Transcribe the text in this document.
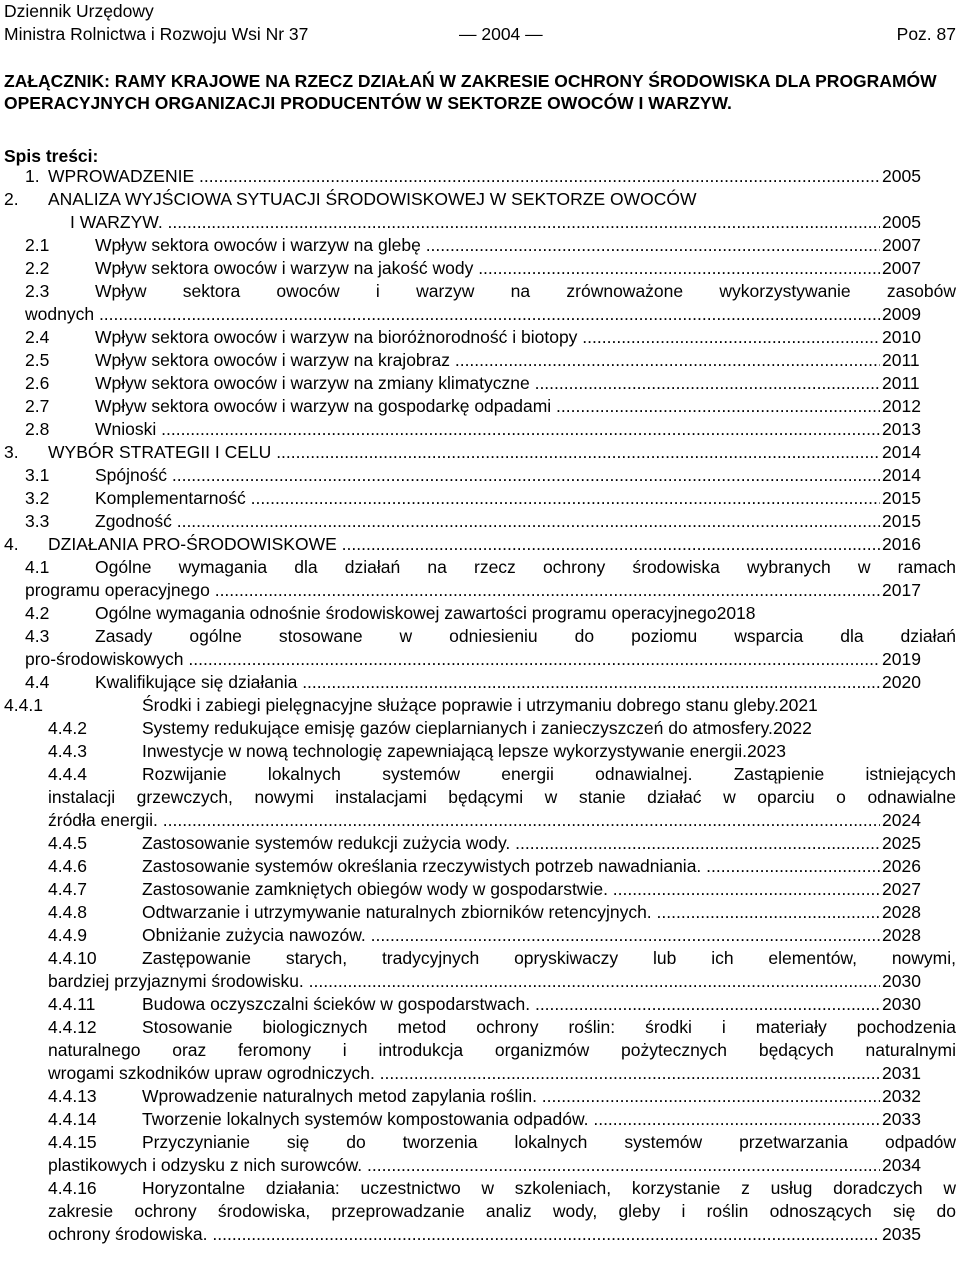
Dziennik Urzędowy
Ministra Rolnictwa i Rozwoju Wsi Nr 37	— 2004 —	Poz. 87
ZAŁĄCZNIK: RAMY KRAJOWE NA RZECZ DZIAŁAŃ W ZAKRESIE OCHRONY ŚRODOWISKA DLA PROGRAMÓW OPERACYJNYCH ORGANIZACJI PRODUCENTÓW W SEKTORZE OWOCÓW I WARZYW.
Spis treści:
1. WPROWADZENIE .....	2005
2. ANALIZA WYJŚCIOWA SYTUACJI ŚRODOWISKOWEJ W SEKTORZE OWOCÓW
I WARZYW. .....	2005
2.1	Wpływ sektora owoców i warzyw na glebę .....	2007
2.2	Wpływ sektora owoców i warzyw na jakość wody .....	2007
2.3	Wpływ sektora owoców i warzyw na zrównoważone wykorzystywanie zasobów
wodnych .....	2009
2.4	Wpływ sektora owoców i warzyw na bioróżnorodność i biotopy .....	2010
2.5	Wpływ sektora owoców i warzyw na krajobraz .....	2011
2.6	Wpływ sektora owoców i warzyw na zmiany klimatyczne .....	2011
2.7	Wpływ sektora owoców i warzyw na gospodarkę odpadami .....	2012
2.8	Wnioski .....	2013
3. WYBÓR STRATEGII I CELU .....	2014
3.1	Spójność .....	2014
3.2	Komplementarność .....	2015
3.3	Zgodność .....	2015
4. DZIAŁANIA PRO-ŚRODOWISKOWE .....	2016
4.1	Ogólne wymagania dla działań na rzecz ochrony środowiska wybranych w ramach
programu operacyjnego .....	2017
4.2	Ogólne wymagania odnośnie środowiskowej zawartości programu operacyjnego2018
4.3	Zasady ogólne stosowane w odniesieniu do poziomu wsparcia dla działań
pro-środowiskowych .....	2019
4.4	Kwalifikujące się działania .....	2020
4.4.1	Środki i zabiegi pielęgnacyjne służące poprawie i utrzymaniu dobrego stanu gleby.2021
4.4.2	Systemy redukujące emisję gazów cieplarnianych i zanieczyszczeń do atmosfery.2022
4.4.3	Inwestycje w nową technologię zapewniającą lepsze wykorzystywanie energii.2023
4.4.4	Rozwijanie lokalnych systemów energii odnawialnej. Zastąpienie istniejących
instalacji grzewczych, nowymi instalacjami będącymi w stanie działać w oparciu o odnawialne
źródła energii. .....	2024
4.4.5	Zastosowanie systemów redukcji zużycia wody. .....	2025
4.4.6	Zastosowanie systemów określania rzeczywistych potrzeb nawadniania. .....	2026
4.4.7	Zastosowanie zamkniętych obiegów wody w gospodarstwie. .....	2027
4.4.8	Odtwarzanie i utrzymywanie naturalnych zbiorników retencyjnych. .....	2028
4.4.9	Obniżanie zużycia nawozów. .....	2028
4.4.10	Zastępowanie starych, tradycyjnych opryskiwaczy lub ich elementów, nowymi,
bardziej przyjaznymi środowisku. .....	2030
4.4.11	Budowa oczyszczalni ścieków w gospodarstwach. .....	2030
4.4.12	Stosowanie biologicznych metod ochrony roślin: środki i materiały pochodzenia
naturalnego oraz feromony i introdukcja organizmów pożytecznych będących naturalnymi
wrogami szkodników upraw ogrodniczych. .....	2031
4.4.13	Wprowadzenie naturalnych metod zapylania roślin. .....	2032
4.4.14	Tworzenie lokalnych systemów kompostowania odpadów. .....	2033
4.4.15	Przyczynianie się do tworzenia lokalnych systemów przetwarzania odpadów
plastikowych i odzysku z nich surowców. .....	2034
4.4.16	Horyzontalne działania: uczestnictwo w szkoleniach, korzystanie z usług doradczych w
zakresie ochrony środowiska, przeprowadzanie analiz wody, gleby i roślin odnoszących się do
ochrony środowiska. .....	2035
